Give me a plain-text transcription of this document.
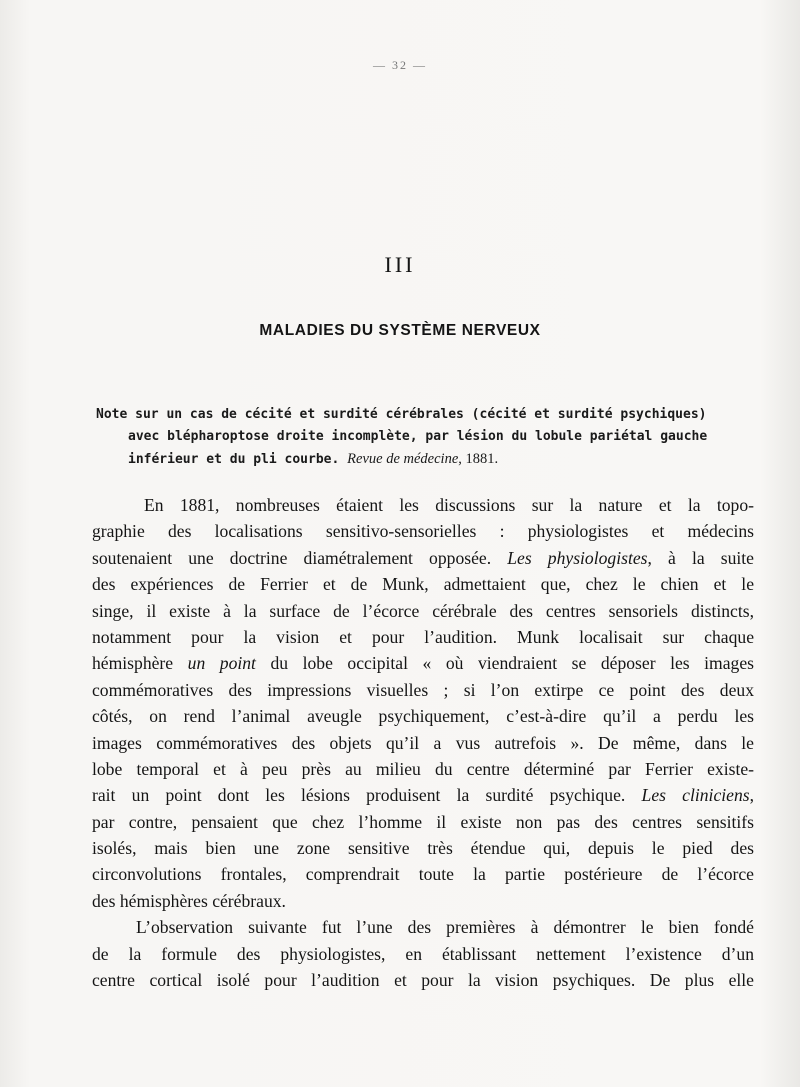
— 32 —
III
MALADIES DU SYSTÈME NERVEUX
Note sur un cas de cécité et surdité cérébrales (cécité et surdité psychiques)
avec blépharoptose droite incomplète, par lésion du lobule pariétal gauche
inférieur et du pli courbe. Revue de médecine, 1881.
En 1881, nombreuses étaient les discussions sur la nature et la topo-
graphie des localisations sensitivo-sensorielles : physiologistes et médecins
soutenaient une doctrine diamétralement opposée. Les physiologistes, à la suite
des expériences de Ferrier et de Munk, admettaient que, chez le chien et le
singe, il existe à la surface de l’écorce cérébrale des centres sensoriels distincts,
notamment pour la vision et pour l’audition. Munk localisait sur chaque
hémisphère un point du lobe occipital « où viendraient se déposer les images
commémoratives des impressions visuelles ; si l’on extirpe ce point des deux
côtés, on rend l’animal aveugle psychiquement, c’est-à-dire qu’il a perdu les
images commémoratives des objets qu’il a vus autrefois ». De même, dans le
lobe temporal et à peu près au milieu du centre déterminé par Ferrier existe-
rait un point dont les lésions produisent la surdité psychique. Les cliniciens,
par contre, pensaient que chez l’homme il existe non pas des centres sensitifs
isolés, mais bien une zone sensitive très étendue qui, depuis le pied des
circonvolutions frontales, comprendrait toute la partie postérieure de l’écorce
des hémisphères cérébraux.
L’observation suivante fut l’une des premières à démontrer le bien fondé
de la formule des physiologistes, en établissant nettement l’existence d’un
centre cortical isolé pour l’audition et pour la vision psychiques. De plus elle
